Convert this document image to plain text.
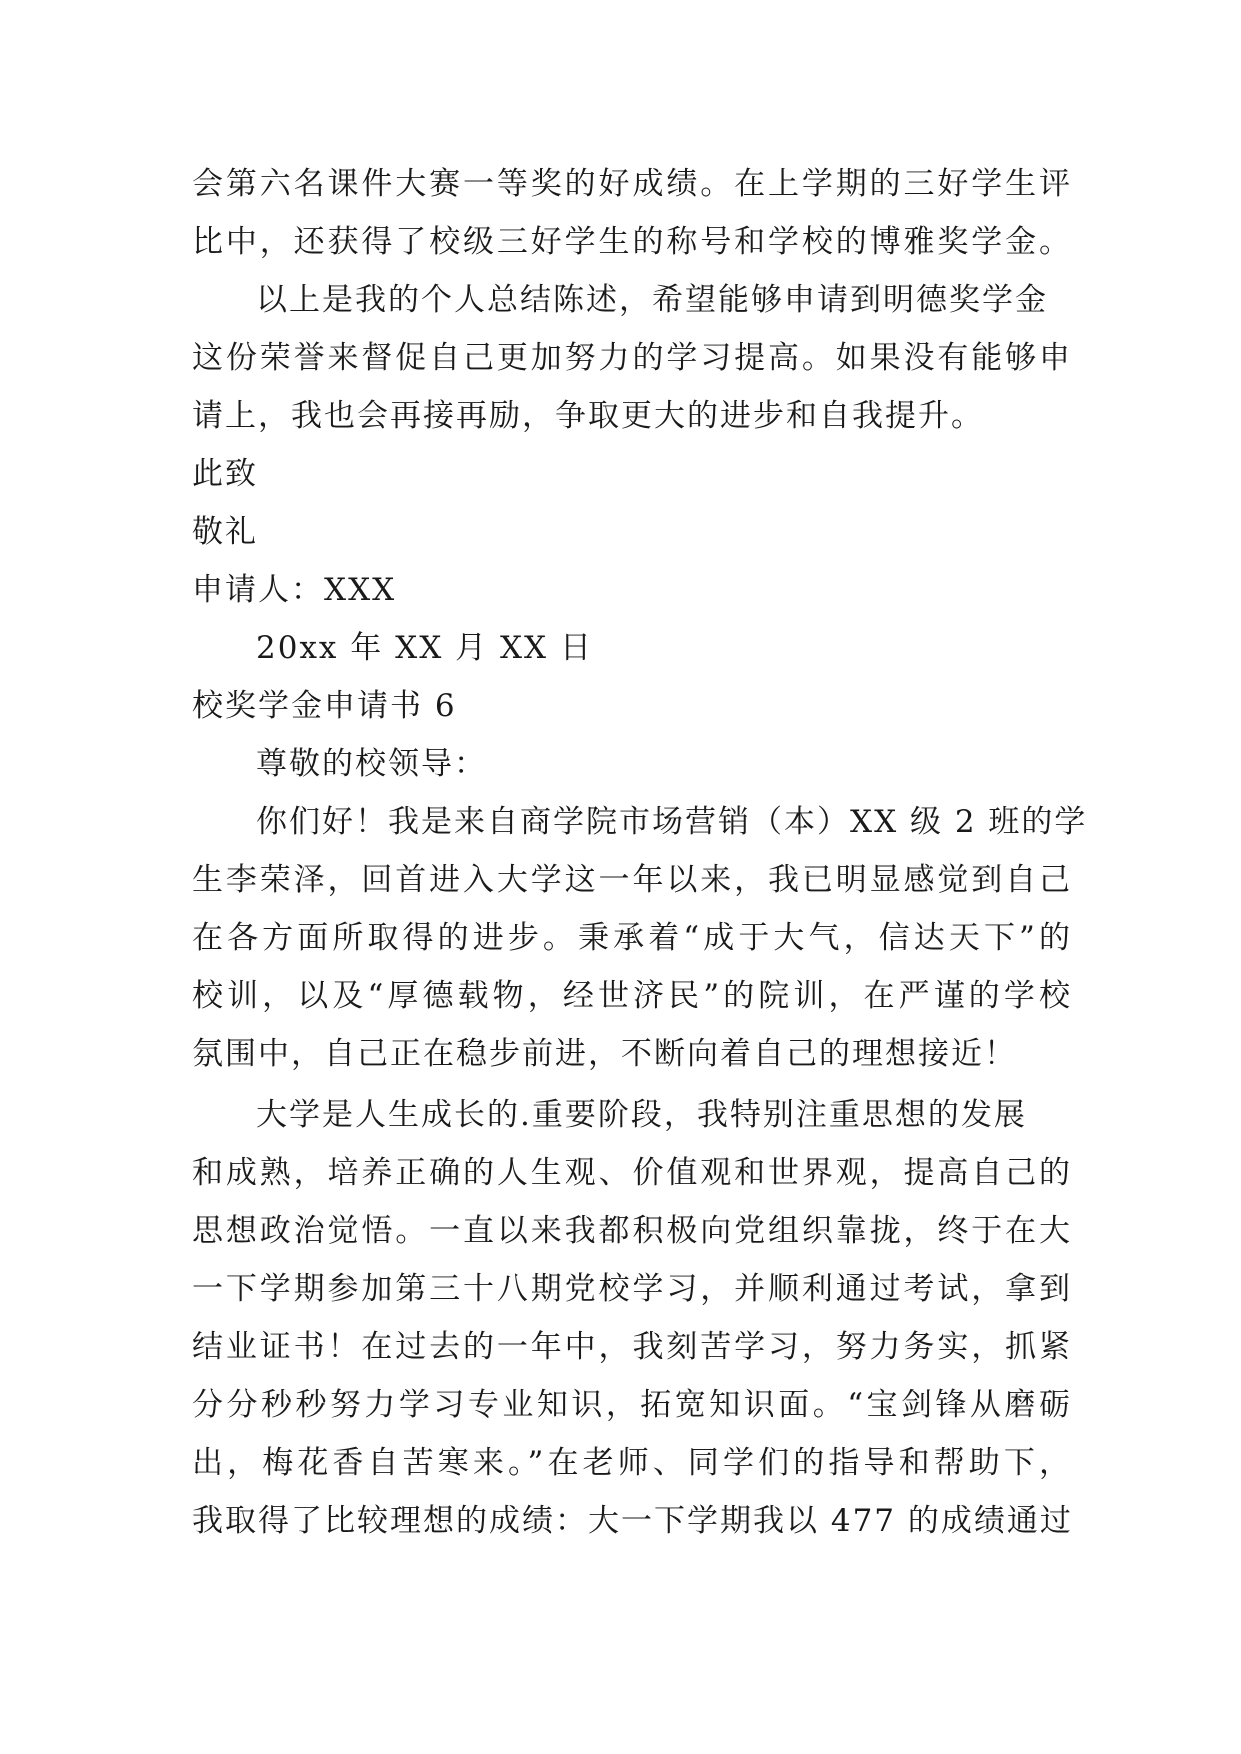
会第六名课件大赛一等奖的好成绩。在上学期的三好学生评
比中，还获得了校级三好学生的称号和学校的博雅奖学金。
以上是我的个人总结陈述，希望能够申请到明德奖学金
这份荣誉来督促自己更加努力的学习提高。如果没有能够申
请上，我也会再接再励，争取更大的进步和自我提升。
此致
敬礼
申请人：XXX
20xx 年 XX 月 XX 日
校奖学金申请书 6
尊敬的校领导：
你们好！我是来自商学院市场营销（本）XX 级 2 班的学
生李荣泽，回首进入大学这一年以来，我已明显感觉到自己
在各方面所取得的进步。秉承着“成于大气，信达天下”的
校训，以及“厚德载物，经世济民”的院训，在严谨的学校
氛围中，自己正在稳步前进，不断向着自己的理想接近！
大学是人生成长的.重要阶段，我特别注重思想的发展
和成熟，培养正确的人生观、价值观和世界观，提高自己的
思想政治觉悟。一直以来我都积极向党组织靠拢，终于在大
一下学期参加第三十八期党校学习，并顺利通过考试，拿到
结业证书！在过去的一年中，我刻苦学习，努力务实，抓紧
分分秒秒努力学习专业知识，拓宽知识面。“宝剑锋从磨砺
出，梅花香自苦寒来。”在老师、同学们的指导和帮助下，
我取得了比较理想的成绩：大一下学期我以 477 的成绩通过
